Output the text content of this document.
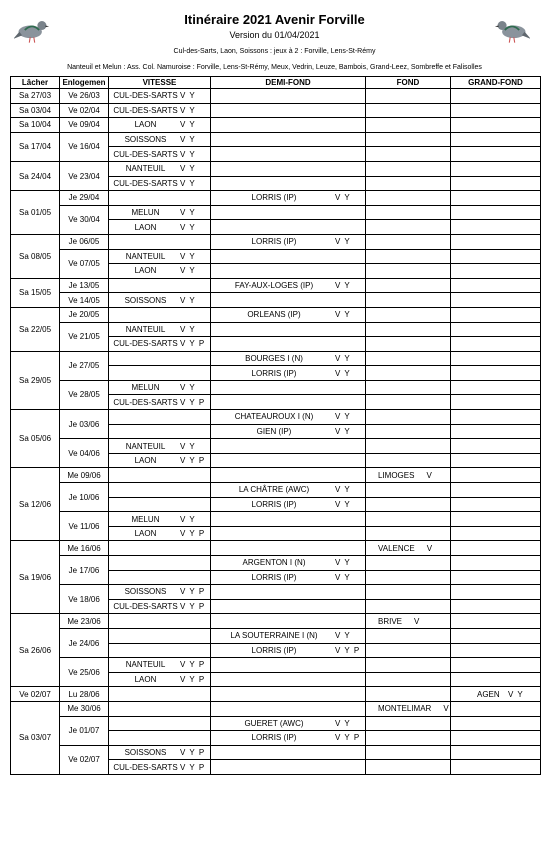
Itinéraire 2021 Avenir Forville
Version du 01/04/2021
Cul-des-Sarts, Laon, Soissons : jeux à 2 : Forville, Lens-St-Rémy
Nanteuil et Melun : Ass. Col. Namuroise : Forville, Lens-St-Rémy, Meux, Vedrin, Leuze, Bambois, Grand-Leez, Sombreffe et Falisolles
Lâcher	Enlogemen	VITESSE	DEMI-FOND	FOND	GRAND-FOND
Sa 27/03	Ve 26/03	CUL-DES-SARTS V Y			

Sa 03/04	Ve 02/04	CUL-DES-SARTS V Y			

Sa 10/04	Ve 09/04	LAON V Y			

Sa 17/04	Ve 16/04	SOISSONS V Y			

		CUL-DES-SARTS V Y			

Sa 24/04	Ve 23/04	NANTEUIL V Y			

		CUL-DES-SARTS V Y			

Sa 01/05	Je 29/04		LORRIS (IP) V Y		

	Ve 30/04	MELUN V Y			

		LAON V Y			

Sa 08/05	Je 06/05		LORRIS (IP) V Y		

	Ve 07/05	NANTEUIL V Y			

		LAON V Y			

Sa 15/05	Je 13/05		FAY-AUX-LOGES (IP) V Y		

	Ve 14/05	SOISSONS V Y			

Sa 22/05	Je 20/05		ORLEANS (IP) V Y		

	Ve 21/05	NANTEUIL V Y			

		CUL-DES-SARTS V Y P			

Sa 29/05	Je 27/05		BOURGES I (N) V Y		

			LORRIS (IP) V Y		

	Ve 28/05	MELUN V Y			

		CUL-DES-SARTS V Y P			

Sa 05/06	Je 03/06		CHATEAUROUX I (N) V Y		

			GIEN (IP) V Y		

	Ve 04/06	NANTEUIL V Y			

		LAON V Y P			

Sa 12/06	Me 09/06			LIMOGES V	

	Je 10/06		LA CHÂTRE (AWC) V Y		

			LORRIS (IP) V Y		

	Ve 11/06	MELUN V Y			

		LAON V Y P			

Sa 19/06	Me 16/06			VALENCE V	

	Je 17/06		ARGENTON I (N) V Y		

			LORRIS (IP) V Y		

	Ve 18/06	SOISSONS V Y P			

		CUL-DES-SARTS V Y P			

Sa 26/06	Me 23/06			BRIVE V	

	Je 24/06		LA SOUTERRAINE I (N) V Y		

			LORRIS (IP) V Y P		

	Ve 25/06	NANTEUIL V Y P			

		LAON V Y P			

Ve 02/07	Lu 28/06				AGEN V Y

Sa 03/07	Me 30/06			MONTELIMAR V	

	Je 01/07		GUERET (AWC) V Y		

			LORRIS (IP) V Y P		

	Ve 02/07	SOISSONS V Y P			

		CUL-DES-SARTS V Y P			
